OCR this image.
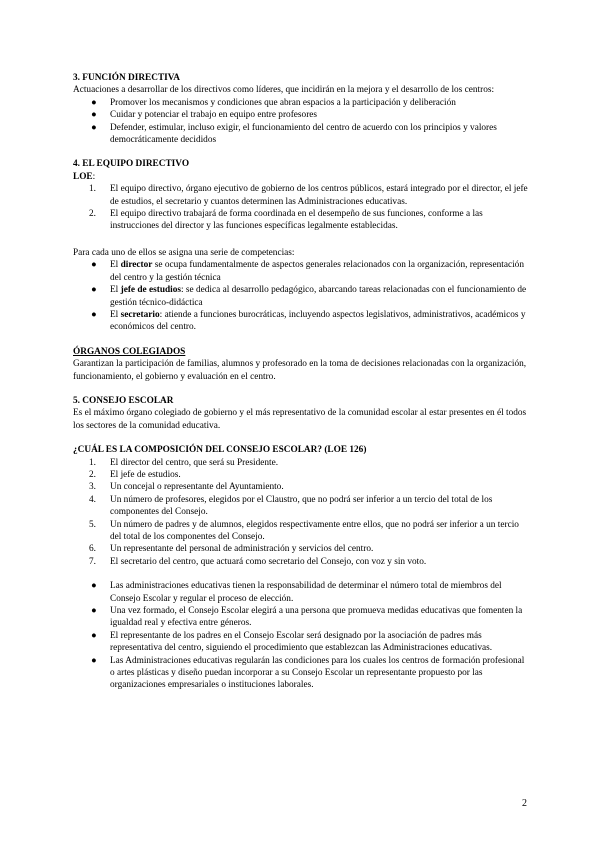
3. FUNCIÓN DIRECTIVA

Actuaciones a desarrollar de los directivos como líderes, que incidirán en la mejora y el desarrollo de los centros:

● Promover los mecanismos y condiciones que abran espacios a la participación y deliberación
● Cuidar y potenciar el trabajo en equipo entre profesores
● Defender, estimular, incluso exigir, el funcionamiento del centro de acuerdo con los principios y valores democráticamente decididos

4. EL EQUIPO DIRECTIVO

LOE:

1.	El equipo directivo, órgano ejecutivo de gobierno de los centros públicos, estará integrado por el director, el jefe de estudios, el secretario y cuantos determinen las Administraciones educativas.
2.	El equipo directivo trabajará de forma coordinada en el desempeño de sus funciones, conforme a las instrucciones del director y las funciones específicas legalmente establecidas.

Para cada uno de ellos se asigna una serie de competencias:

● El director se ocupa fundamentalmente de aspectos generales relacionados con la organización, representación del centro y la gestión técnica
● El jefe de estudios: se dedica al desarrollo pedagógico, abarcando tareas relacionadas con el funcionamiento de gestión técnico-didáctica
● El secretario: atiende a funciones burocráticas, incluyendo aspectos legislativos, administrativos, académicos y económicos del centro.

ÓRGANOS COLEGIADOS

Garantizan la participación de familias, alumnos y profesorado en la toma de decisiones relacionadas con la organización, funcionamiento, el gobierno y evaluación en el centro.

5. CONSEJO ESCOLAR

Es el máximo órgano colegiado de gobierno y el más representativo de la comunidad escolar al estar presentes en él todos los sectores de la comunidad educativa.

¿CUÁL ES LA COMPOSICIÓN DEL CONSEJO ESCOLAR? (LOE 126)

1.	El director del centro, que será su Presidente.
2.	El jefe de estudios.
3.	Un concejal o representante del Ayuntamiento.
4.	Un número de profesores, elegidos por el Claustro, que no podrá ser inferior a un tercio del total de los componentes del Consejo.
5.	Un número de padres y de alumnos, elegidos respectivamente entre ellos, que no podrá ser inferior a un tercio del total de los componentes del Consejo.
6.	Un representante del personal de administración y servicios del centro.
7.	El secretario del centro, que actuará como secretario del Consejo, con voz y sin voto.
● Las administraciones educativas tienen la responsabilidad de determinar el número total de miembros del Consejo Escolar y regular el proceso de elección.
● Una vez formado, el Consejo Escolar elegirá a una persona que promueva medidas educativas que fomenten la igualdad real y efectiva entre géneros.
● El representante de los padres en el Consejo Escolar será designado por la asociación de padres más representativa del centro, siguiendo el procedimiento que establezcan las Administraciones educativas.
● Las Administraciones educativas regularán las condiciones para los cuales los centros de formación profesional o artes plásticas y diseño puedan incorporar a su Consejo Escolar un representante propuesto por las organizaciones empresariales o instituciones laborales.
2
